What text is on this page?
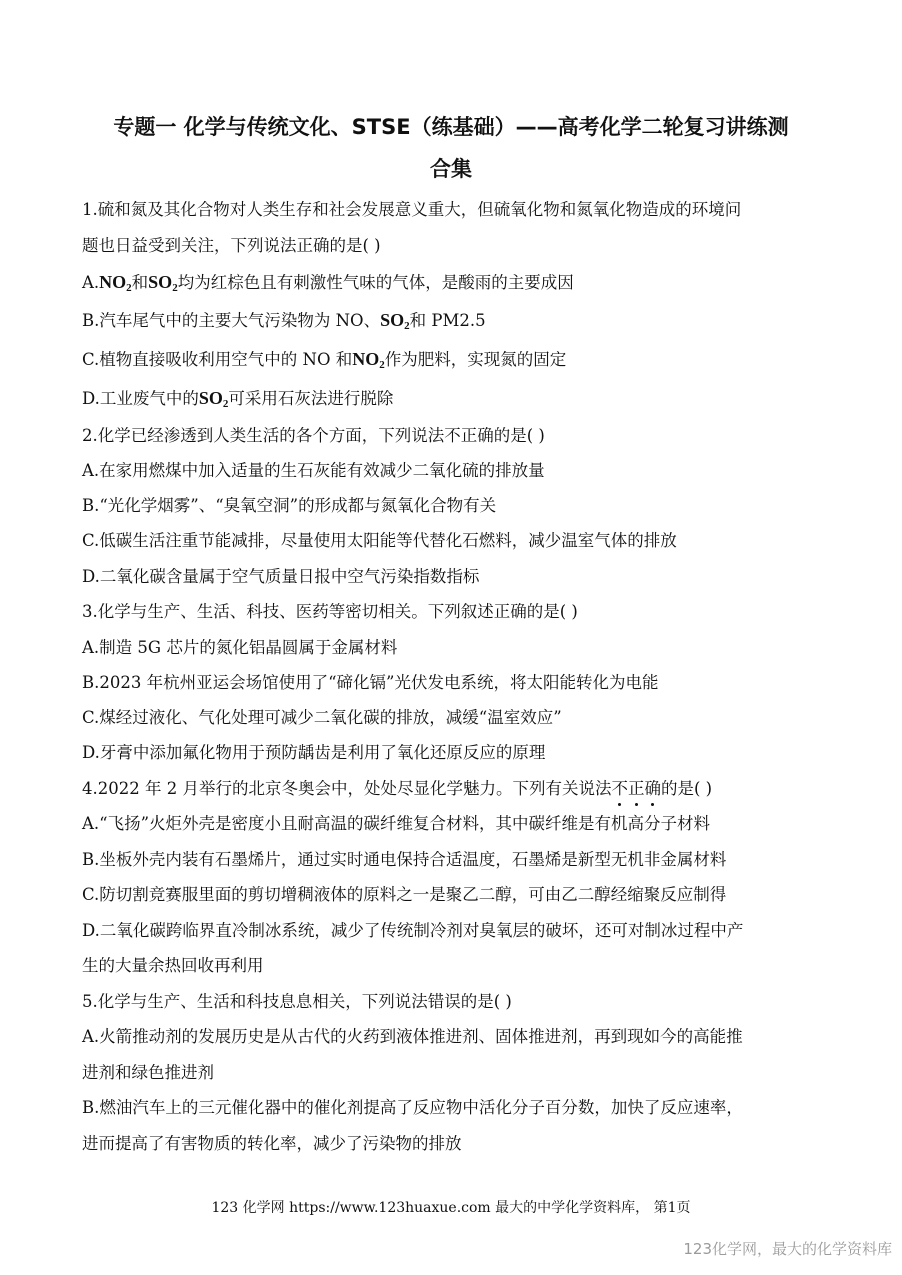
专题一 化学与传统文化、STSE（练基础）——高考化学二轮复习讲练测
合集
1.硫和氮及其化合物对人类生存和社会发展意义重大，但硫氧化物和氮氧化物造成的环境问
题也日益受到关注，下列说法正确的是( )
$A.NO_2$和$SO_2$均为红棕色且有刺激性气味的气体，是酸雨的主要成因
B.汽车尾气中的主要大气污染物为 NO、$SO_2$和 PM2.5
C.植物直接吸收利用空气中的 NO 和$NO_2$作为肥料，实现氮的固定
D.工业废气中的$SO_2$可采用石灰法进行脱除
2.化学已经渗透到人类生活的各个方面，下列说法不正确的是( )
A.在家用燃煤中加入适量的生石灰能有效减少二氧化硫的排放量
B.“光化学烟雾”、“臭氧空洞”的形成都与氮氧化合物有关
C.低碳生活注重节能减排，尽量使用太阳能等代替化石燃料，减少温室气体的排放
D.二氧化碳含量属于空气质量日报中空气污染指数指标
3.化学与生产、生活、科技、医药等密切相关。下列叙述正确的是( )
A.制造 5G 芯片的氮化铝晶圆属于金属材料
B.2023 年杭州亚运会场馆使用了“碲化镉”光伏发电系统，将太阳能转化为电能
C.煤经过液化、气化处理可减少二氧化碳的排放，减缓“温室效应”
D.牙膏中添加氟化物用于预防龋齿是利用了氧化还原反应的原理
4.2022 年 2 月举行的北京冬奥会中，处处尽显化学魅力。下列有关说法不正确的是( )
A.“飞扬”火炬外壳是密度小且耐高温的碳纤维复合材料，其中碳纤维是有机高分子材料
B.坐板外壳内装有石墨烯片，通过实时通电保持合适温度，石墨烯是新型无机非金属材料
C.防切割竞赛服里面的剪切增稠液体的原料之一是聚乙二醇，可由乙二醇经缩聚反应制得
D.二氧化碳跨临界直冷制冰系统，减少了传统制冷剂对臭氧层的破坏，还可对制冰过程中产
生的大量余热回收再利用
5.化学与生产、生活和科技息息相关，下列说法错误的是( )
A.火箭推动剂的发展历史是从古代的火药到液体推进剂、固体推进剂，再到现如今的高能推
进剂和绿色推进剂
B.燃油汽车上的三元催化器中的催化剂提高了反应物中活化分子百分数，加快了反应速率，
进而提高了有害物质的转化率，减少了污染物的排放
123 化学网 https://www.123huaxue.com 最大的中学化学资料库， 第1页
123化学网，最大的化学资料库
